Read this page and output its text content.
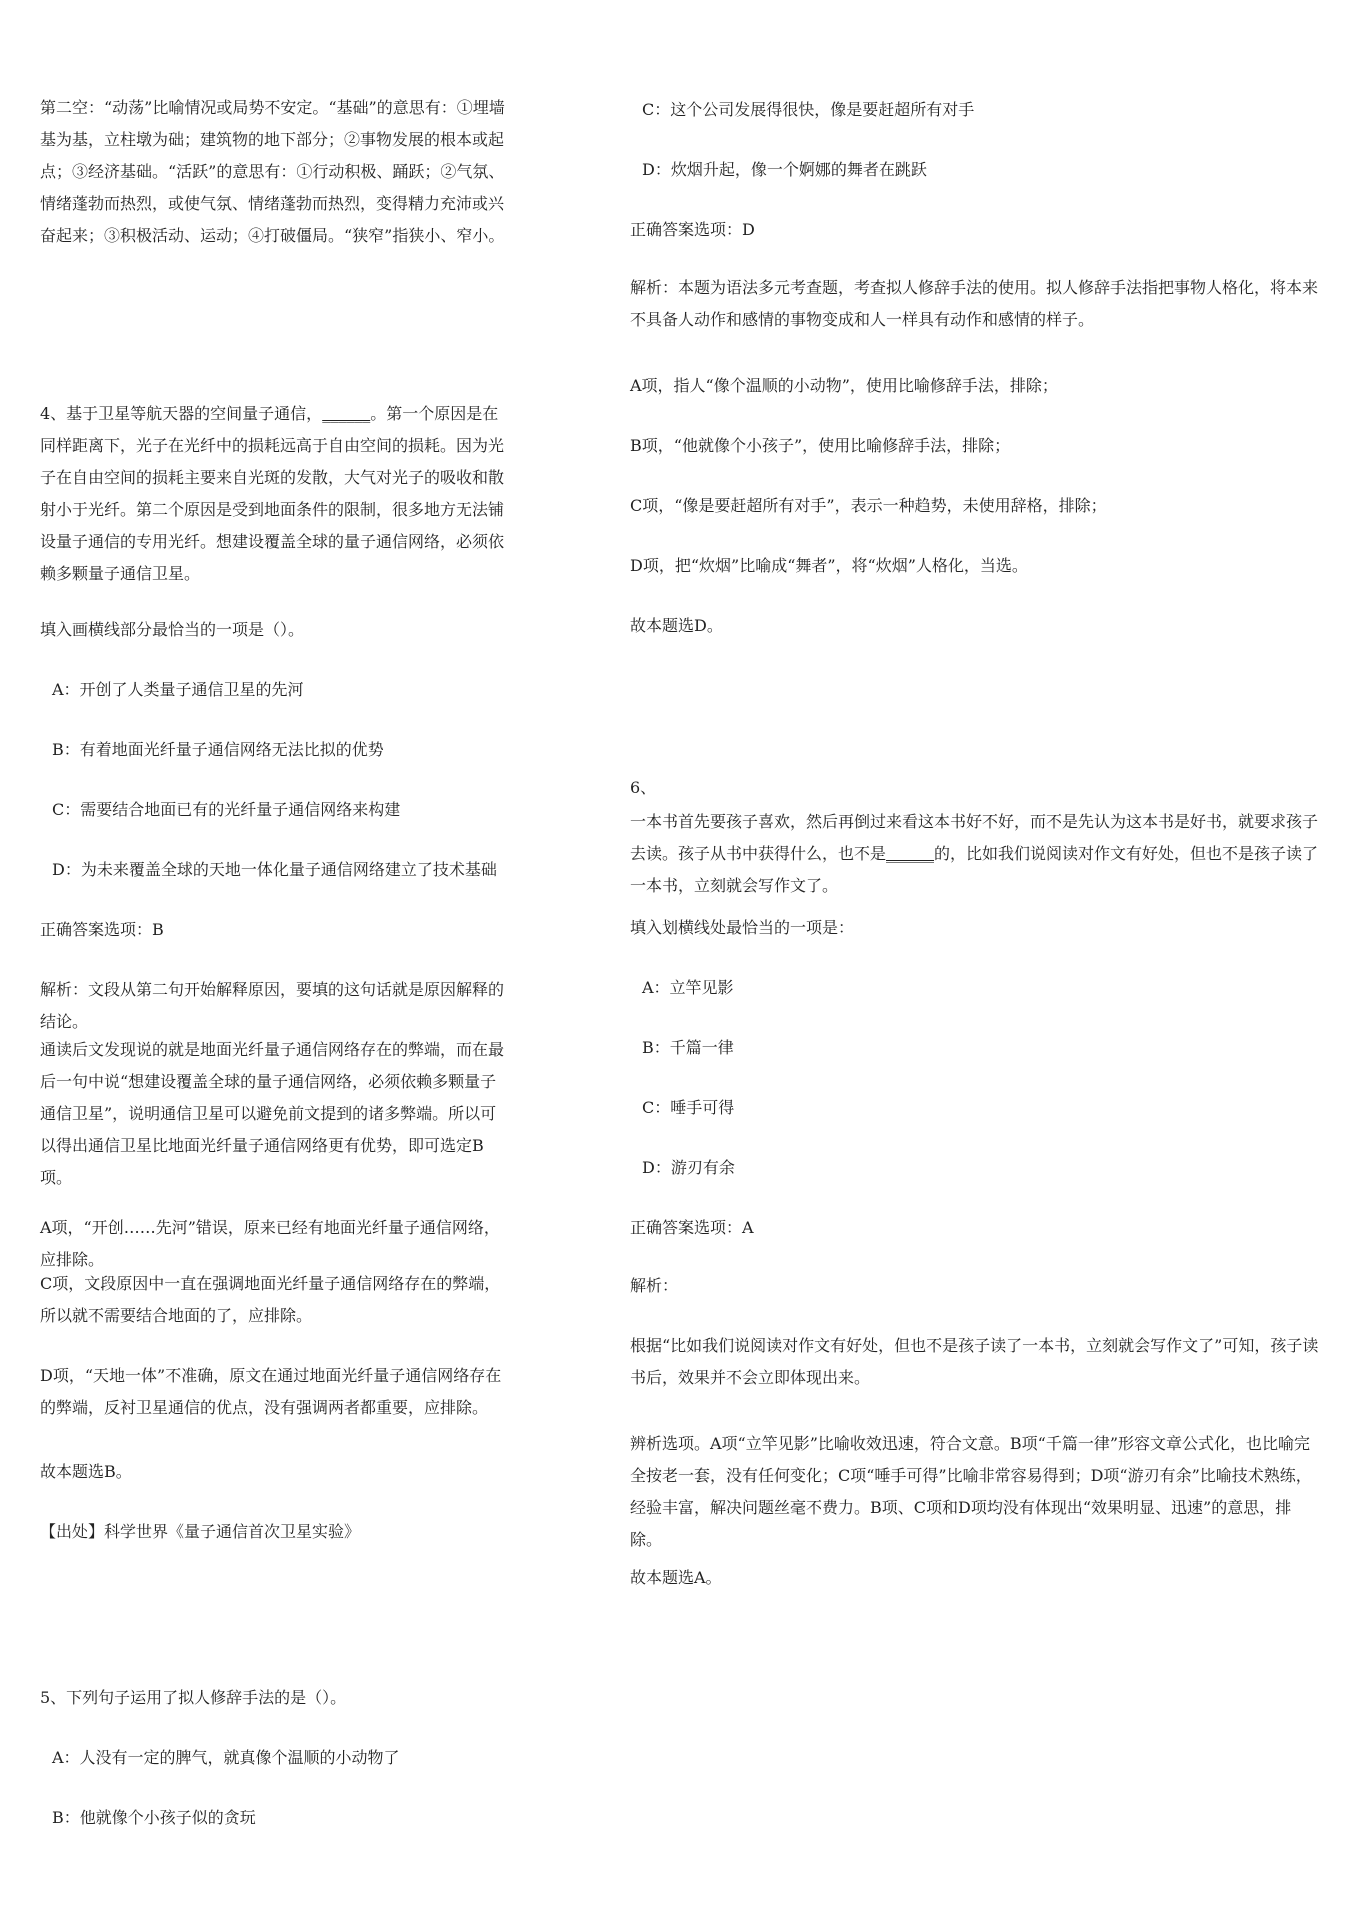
第二空：“动荡”比喻情况或局势不安定。“基础”的意思有：①埋墙基为基，立柱墩为础；建筑物的地下部分；②事物发展的根本或起点；③经济基础。“活跃”的意思有：①行动积极、踊跃；②气氛、情绪蓬勃而热烈，或使气氛、情绪蓬勃而热烈，变得精力充沛或兴奋起来；③积极活动、运动；④打破僵局。“狭窄”指狭小、窄小。

4、基于卫星等航天器的空间量子通信，______。第一个原因是在同样距离下，光子在光纤中的损耗远高于自由空间的损耗。因为光子在自由空间的损耗主要来自光斑的发散，大气对光子的吸收和散射小于光纤。第二个原因是受到地面条件的限制，很多地方无法铺设量子通信的专用光纤。想建设覆盖全球的量子通信网络，必须依赖多颗量子通信卫星。

填入画横线部分最恰当的一项是（）。

A：开创了人类量子通信卫星的先河

B：有着地面光纤量子通信网络无法比拟的优势

C：需要结合地面已有的光纤量子通信网络来构建

D：为未来覆盖全球的天地一体化量子通信网络建立了技术基础

正确答案选项：B

解析：文段从第二句开始解释原因，要填的这句话就是原因解释的结论。

通读后文发现说的就是地面光纤量子通信网络存在的弊端，而在最后一句中说“想建设覆盖全球的量子通信网络，必须依赖多颗量子通信卫星”，说明通信卫星可以避免前文提到的诸多弊端。所以可以得出通信卫星比地面光纤量子通信网络更有优势，即可选定B项。

A项，“开创……先河”错误，原来已经有地面光纤量子通信网络，应排除。

C项，文段原因中一直在强调地面光纤量子通信网络存在的弊端，所以就不需要结合地面的了，应排除。

D项，“天地一体”不准确，原文在通过地面光纤量子通信网络存在的弊端，反衬卫星通信的优点，没有强调两者都重要，应排除。

故本题选B。

【出处】科学世界《量子通信首次卫星实验》

5、下列句子运用了拟人修辞手法的是（）。

A：人没有一定的脾气，就真像个温顺的小动物了

B：他就像个小孩子似的贪玩

C：这个公司发展得很快，像是要赶超所有对手

D：炊烟升起，像一个婀娜的舞者在跳跃

正确答案选项：D

解析：本题为语法多元考查题，考查拟人修辞手法的使用。拟人修辞手法指把事物人格化，将本来不具备人动作和感情的事物变成和人一样具有动作和感情的样子。

A项，指人“像个温顺的小动物”，使用比喻修辞手法，排除；

B项，“他就像个小孩子”，使用比喻修辞手法，排除；

C项，“像是要赶超所有对手”，表示一种趋势，未使用辞格，排除；

D项，把“炊烟”比喻成“舞者”，将“炊烟”人格化，当选。

故本题选D。

6、

一本书首先要孩子喜欢，然后再倒过来看这本书好不好，而不是先认为这本书是好书，就要求孩子去读。孩子从书中获得什么，也不是______的，比如我们说阅读对作文有好处，但也不是孩子读了一本书，立刻就会写作文了。

填入划横线处最恰当的一项是：

A：立竿见影

B：千篇一律

C：唾手可得

D：游刃有余

正确答案选项：A

解析：

根据“比如我们说阅读对作文有好处，但也不是孩子读了一本书，立刻就会写作文了”可知，孩子读书后，效果并不会立即体现出来。

辨析选项。A项“立竿见影”比喻收效迅速，符合文意。B项“千篇一律”形容文章公式化，也比喻完全按老一套，没有任何变化；C项“唾手可得”比喻非常容易得到；D项“游刃有余”比喻技术熟练，经验丰富，解决问题丝毫不费力。B项、C项和D项均没有体现出“效果明显、迅速”的意思，排除。

故本题选A。
